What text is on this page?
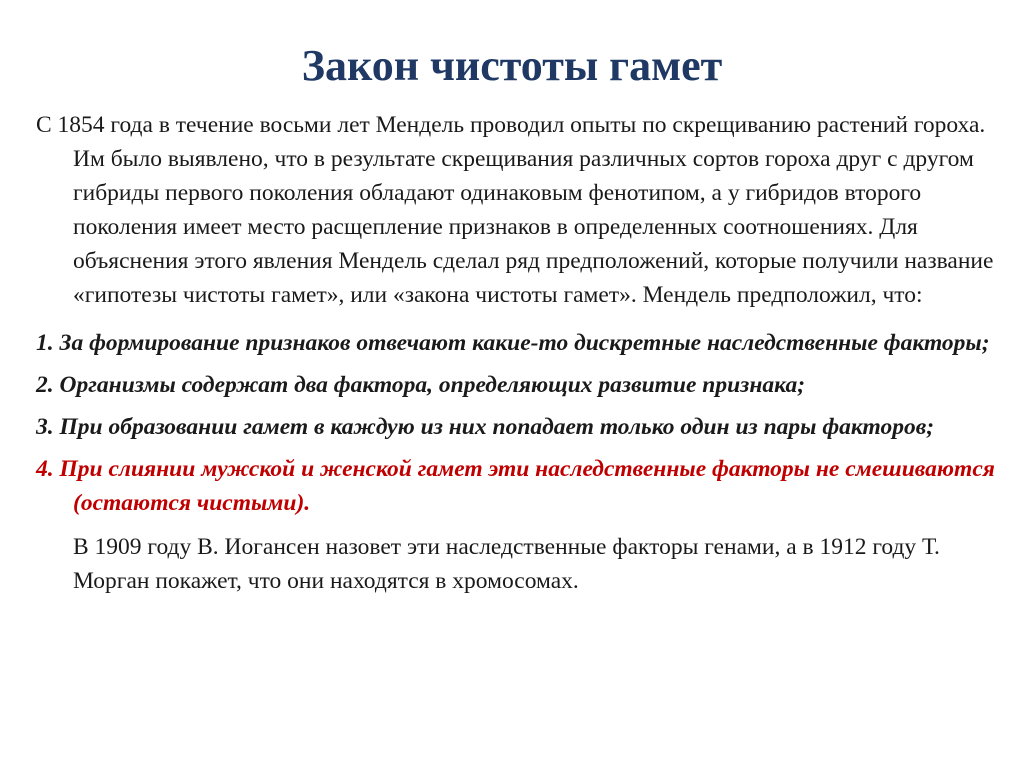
Закон чистоты гамет

С 1854 года в течение восьми лет Мендель проводил опыты по скрещиванию растений гороха. Им было выявлено, что в результате скрещивания различных сортов гороха друг с другом гибриды первого поколения обладают одинаковым фенотипом, а у гибридов второго поколения имеет место расщепление признаков в определенных соотношениях. Для объяснения этого явления Мендель сделал ряд предположений, которые получили название «гипотезы чистоты гамет», или «закона чистоты гамет». Мендель предположил, что:

1. За формирование признаков отвечают какие-то дискретные наследственные факторы;

2. Организмы содержат два фактора, определяющих развитие признака;

3. При образовании гамет в каждую из них попадает только один из пары факторов;

4. При слиянии мужской и женской гамет эти наследственные факторы не смешиваются (остаются чистыми).

В 1909 году В. Иогансен назовет эти наследственные факторы генами, а в 1912 году Т. Морган покажет, что они находятся в хромосомах.
